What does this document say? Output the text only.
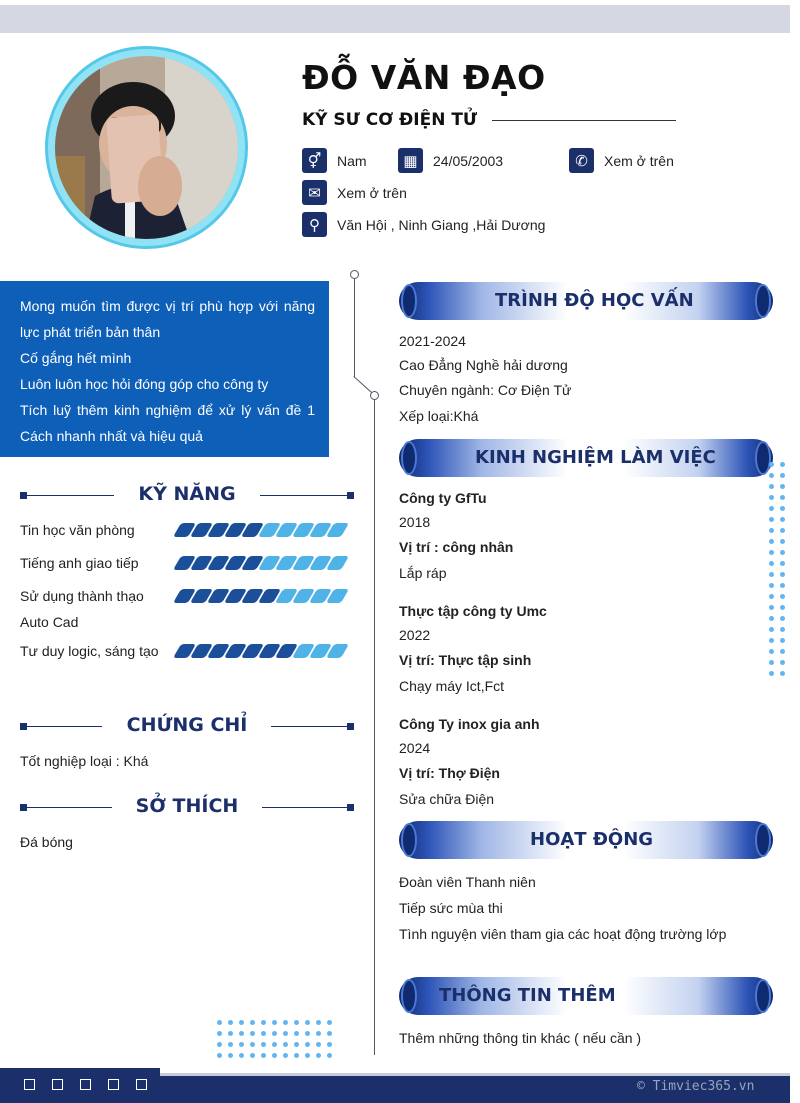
ĐỖ VĂN ĐẠO
KỸ SƯ CƠ ĐIỆN TỬ
⚥	Nam	▦	24/05/2003	✆	Xem ở trên
✉	Xem ở trên
⚲	Văn Hội , Ninh Giang ,Hải Dương

Mong muốn tìm được vị trí phù hợp với năng lực phát triển bản thân

Cố gắng hết mình

Luôn luôn học hỏi đóng góp cho công ty

Tích luỹ thêm kinh nghiệm để xử lý vấn đề 1 Cách nhanh nhất và hiệu quả

KỸ NĂNG
Tin học văn phòng
Tiếng anh giao tiếp
Sử dụng thành thạo Auto Cad
Tư duy logic, sáng tạo
CHỨNG CHỈ
Tốt nghiệp loại : Khá
SỞ THÍCH
Đá bóng
TRÌNH ĐỘ HỌC VẤN
2021-2024
Cao Đẳng Nghề hải dương
Chuyên ngành: Cơ Điện Tử
Xếp loại:Khá
KINH NGHIỆM LÀM VIỆC
Công ty GfTu
2018
Vị trí : công nhân
Lắp ráp
Thực tập công ty Umc
2022
Vị trí: Thực tập sinh
Chạy máy Ict,Fct
Công Ty inox gia anh
2024
Vị trí: Thợ Điện
Sửa chữa Điện
HOẠT ĐỘNG
Đoàn viên Thanh niên
Tiếp sức mùa thi
Tình nguyện viên tham gia các hoạt động trường lớp
THÔNG TIN THÊM
Thêm những thông tin khác ( nếu cần )
© Timviec365.vn
